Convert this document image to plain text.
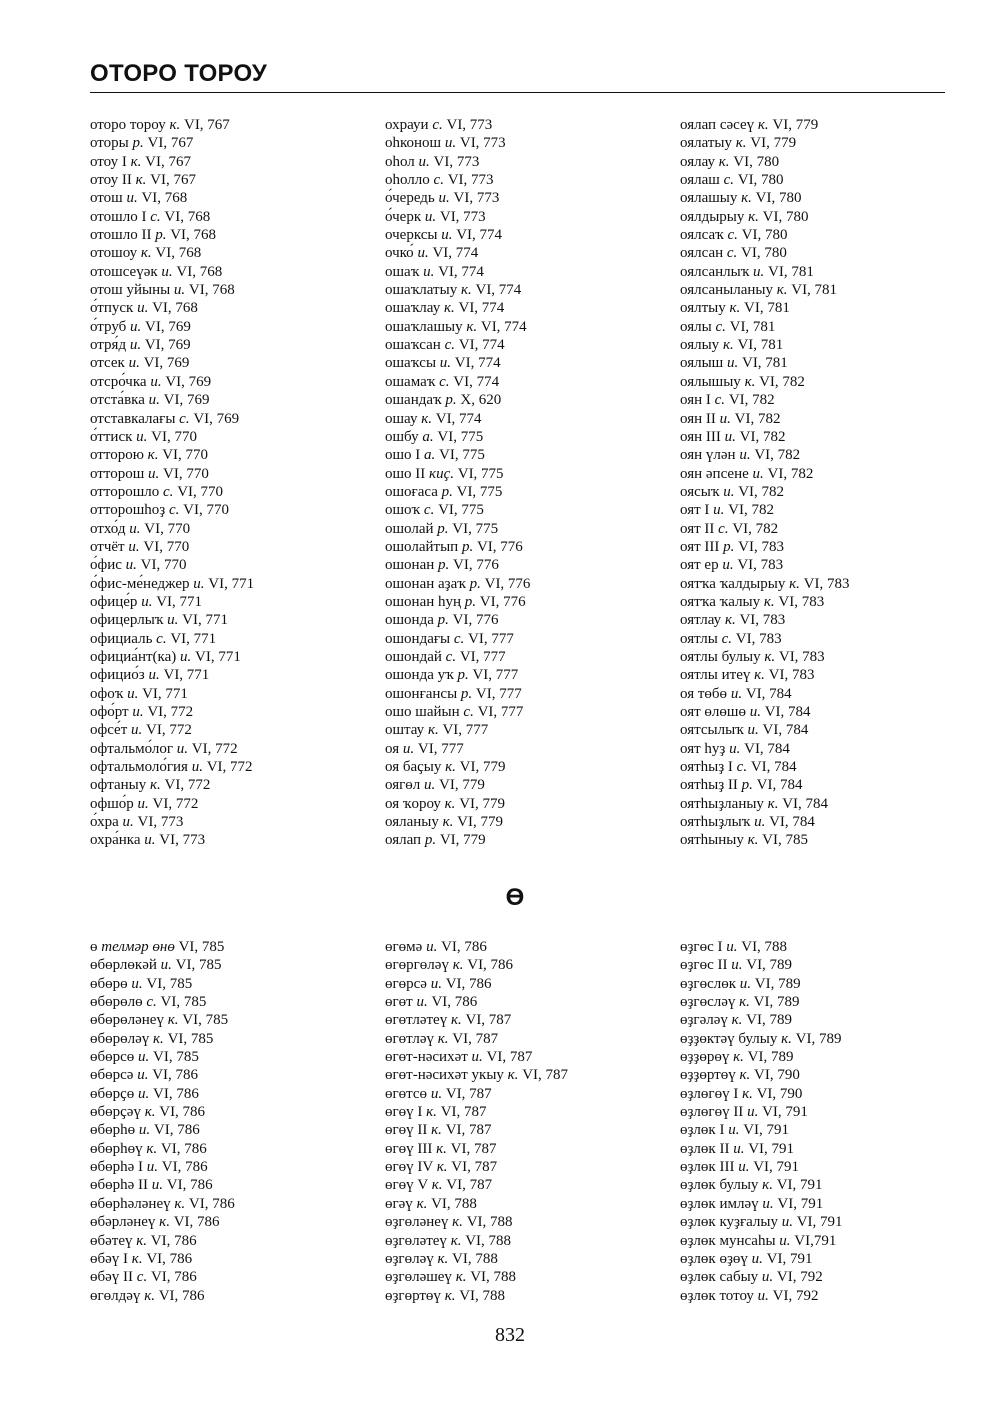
ОТОРО ТОРОУ
оторо тороу к. VI, 767
оторы р. VI, 767
отоу I к. VI, 767
отоу II к. VI, 767
отош и. VI, 768
отошло I с. VI, 768
отошло II р. VI, 768
отошоу к. VI, 768
отошсеүәк и. VI, 768
отош уйыны и. VI, 768
о́тпуск и. VI, 768
о́труб и. VI, 769
отря́д и. VI, 769
отсек и. VI, 769
отсро́чка и. VI, 769
отста́вка и. VI, 769
отставкалағы с. VI, 769
о́ттиск и. VI, 770
отторою к. VI, 770
отторош и. VI, 770
отторошло с. VI, 770
отторошһоҙ с. VI, 770
отхо́д и. VI, 770
отчёт и. VI, 770
о́фис и. VI, 770
о́фис-ме́неджер и. VI, 771
офице́р и. VI, 771
офицерлыҡ и. VI, 771
официаль с. VI, 771
официа́нт(ка) и. VI, 771
официо́з и. VI, 771
офоҡ и. VI, 771
офо́рт и. VI, 772
офсе́т и. VI, 772
офтальмо́лог и. VI, 772
офтальмоло́гия и. VI, 772
офтаныу к. VI, 772
офшо́р и. VI, 772
о́хра и. VI, 773
охра́нка и. VI, 773
охрауи с. VI, 773
оһконош и. VI, 773
оһол и. VI, 773
оһолло с. VI, 773
о́чередь и. VI, 773
о́черк и. VI, 773
очерксы и. VI, 774
очко́ и. VI, 774
ошаҡ и. VI, 774
ошаҡлатыу к. VI, 774
ошаҡлау к. VI, 774
ошаҡлашыу к. VI, 774
ошаҡсан с. VI, 774
ошаҡсы и. VI, 774
ошамаҡ с. VI, 774
ошандаҡ р. X, 620
ошау к. VI, 774
ошбу а. VI, 775
ошо I а. VI, 775
ошо II киҫ. VI, 775
ошоғаса р. VI, 775
ошоҡ с. VI, 775
ошолай р. VI, 775
ошолайтып р. VI, 776
ошонан р. VI, 776
ошонан аҙаҡ р. VI, 776
ошонан һуң р. VI, 776
ошонда р. VI, 776
ошондағы с. VI, 777
ошондай с. VI, 777
ошонда уҡ р. VI, 777
ошонғансы р. VI, 777
ошо шайын с. VI, 777
оштау к. VI, 777
оя и. VI, 777
оя баҫыу к. VI, 779
оягөл и. VI, 779
оя ҡороу к. VI, 779
ояланыу к. VI, 779
оялап р. VI, 779
оялап сәсеү к. VI, 779
оялатыу к. VI, 779
оялау к. VI, 780
оялаш с. VI, 780
оялашыу к. VI, 780
оялдырыу к. VI, 780
оялсаҡ с. VI, 780
оялсан с. VI, 780
оялсанлыҡ и. VI, 781
оялсаныланыу к. VI, 781
оялтыу к. VI, 781
оялы с. VI, 781
оялыу к. VI, 781
оялыш и. VI, 781
оялышыу к. VI, 782
оян I с. VI, 782
оян II и. VI, 782
оян III и. VI, 782
оян үлән и. VI, 782
оян әпсене и. VI, 782
оясыҡ и. VI, 782
оят I и. VI, 782
оят II с. VI, 782
оят III р. VI, 783
оят ер и. VI, 783
оятҡа ҡалдырыу к. VI, 783
оятҡа ҡалыу к. VI, 783
оятлау к. VI, 783
оятлы с. VI, 783
оятлы булыу к. VI, 783
оятлы итеү к. VI, 783
оя төбө и. VI, 784
оят өлөшө и. VI, 784
оятсылыҡ и. VI, 784
оят һуҙ и. VI, 784
оятһыҙ I с. VI, 784
оятһыҙ II р. VI, 784
оятһыҙланыу к. VI, 784
оятһыҙлыҡ и. VI, 784
оятһыныу к. VI, 785
Ө
ө телмәр өнө VI, 785
өбөрлөкәй и. VI, 785
өбөрө и. VI, 785
өбөрөлө с. VI, 785
өбөрөләнеү к. VI, 785
өбөрөләү к. VI, 785
өбөрсө и. VI, 785
өбөрсә и. VI, 786
өбөрҫө и. VI, 786
өбөрҫәү к. VI, 786
өбөрһө и. VI, 786
өбөрһөү к. VI, 786
өбөрһә I и. VI, 786
өбөрһә II и. VI, 786
өбөрһәләнеү к. VI, 786
өбәрләнеү к. VI, 786
өбәтеү к. VI, 786
өбәү I к. VI, 786
өбәү II с. VI, 786
өгөлдәү к. VI, 786
өгөмә и. VI, 786
өгөргөләү к. VI, 786
өгөрсә и. VI, 786
өгөт и. VI, 786
өгөтләтеү к. VI, 787
өгөтләү к. VI, 787
өгөт-нәсихәт и. VI, 787
өгөт-нәсихәт укыу к. VI, 787
өгөтсө и. VI, 787
өгөү I к. VI, 787
өгөү II к. VI, 787
өгөү III к. VI, 787
өгөү IV к. VI, 787
өгөү V к. VI, 787
өгәү к. VI, 788
өҙгөләнеү к. VI, 788
өҙгөләтеү к. VI, 788
өҙгөләү к. VI, 788
өҙгөләшеү к. VI, 788
өҙгөртөү к. VI, 788
өҙгөс I и. VI, 788
өҙгөс II и. VI, 789
өҙгөслөк и. VI, 789
өҙгөсләү к. VI, 789
өҙгәләү к. VI, 789
өҙҙөктәү булыу к. VI, 789
өҙҙөрөү к. VI, 789
өҙҙөртөү к. VI, 790
өҙлөгөү I к. VI, 790
өҙлөгөү II и. VI, 791
өҙлөк I и. VI, 791
өҙлөк II и. VI, 791
өҙлөк III и. VI, 791
өҙлөк булыу к. VI, 791
өҙлөк имләү и. VI, 791
өҙлөк куҙғалыу и. VI, 791
өҙлөк мунсаһы и. VI,791
өҙлөк өҙөү и. VI, 791
өҙлөк сабыу и. VI, 792
өҙлөк тотоу и. VI, 792
832
